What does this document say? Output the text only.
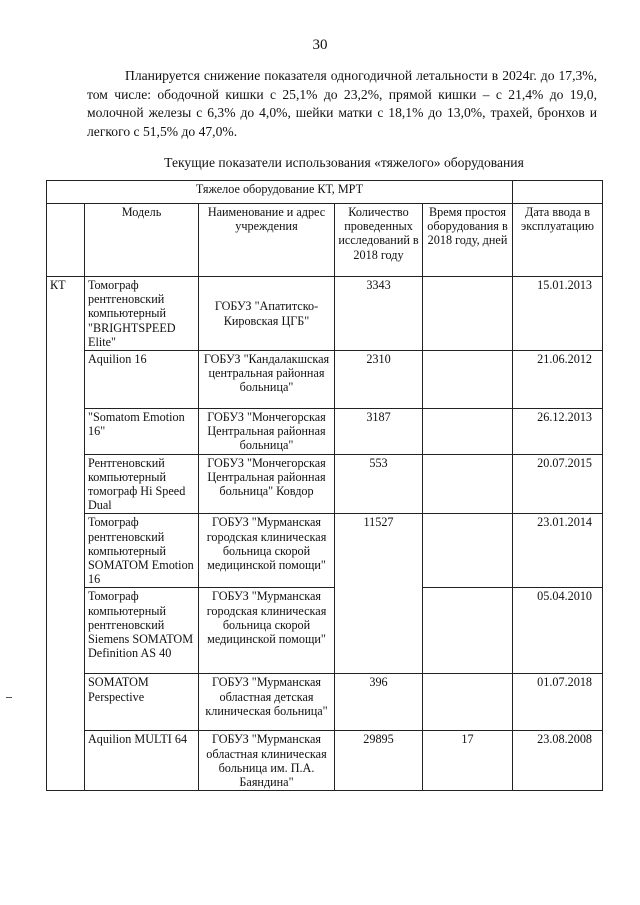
30

Планируется снижение показателя одногодичной летальности в 2024г. до 17,3%, том числе: ободочной кишки с 25,1% до 23,2%, прямой кишки – с 21,4% до 19,0, молочной железы с 6,3% до 4,0%, шейки матки с 18,1% до 13,0%, трахей, бронхов и легкого с 51,5% до 47,0%.

Текущие показатели использования «тяжелого» оборудования
Тяжелое оборудование КТ, МРТ					
	Модель	Наименование и адрес учреждения	Количество проведенных исследований в 2018 году	Время простоя оборудования в 2018 году, дней	Дата ввода в эксплуатацию
КТ	Томограф рентгеновский компьютерный "BRIGHTSPEED Elite"	ГОБУЗ "Апатитско-Кировская ЦГБ"	3343		15.01.2013
	Aquilion 16	ГОБУЗ "Кандалакшская центральная районная больница"	2310		21.06.2012
	"Somatom Emotion 16"	ГОБУЗ "Мончегорская Центральная районная больница"	3187		26.12.2013
	Рентгеновский компьютерный томограф Hi Speed Dual	ГОБУЗ "Мончегорская Центральная районная больница" Ковдор	553		20.07.2015
	Томограф рентгеновский компьютерный SOMATOM Emotion 16	ГОБУЗ "Мурманская городская клиническая больница скорой медицинской помощи"	11527		23.01.2014
	Томограф компьютерный рентгеновский Siemens SOMATOM Definition AS 40	ГОБУЗ "Мурманская городская клиническая больница скорой медицинской помощи"			05.04.2010
	SOMATOM Perspective	ГОБУЗ "Мурманская областная детская клиническая больница"	396		01.07.2018
	Aquilion MULTI 64	ГОБУЗ "Мурманская областная клиническая больница им. П.А. Баяндина"	29895	17	23.08.2008
